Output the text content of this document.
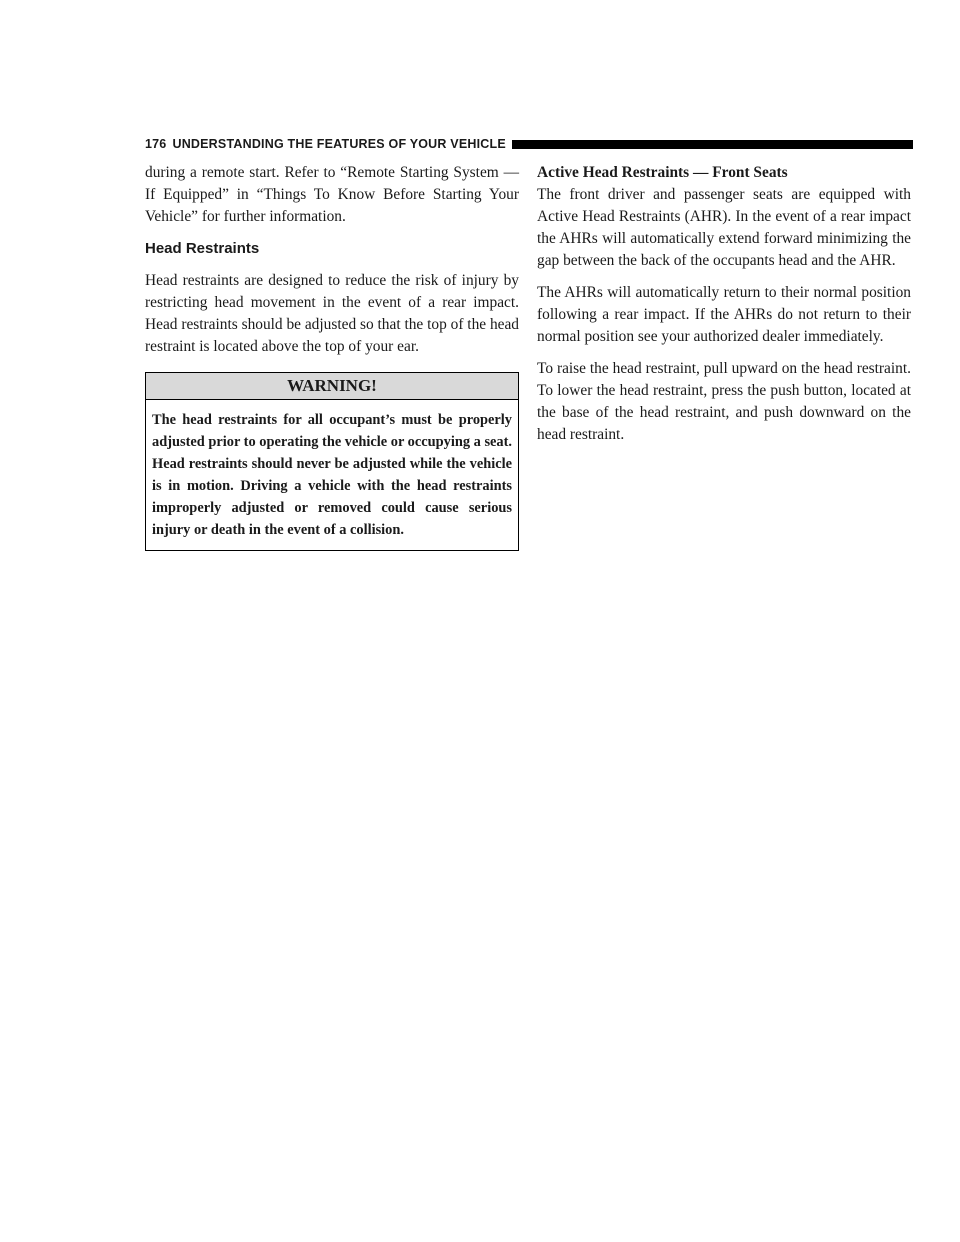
176 UNDERSTANDING THE FEATURES OF YOUR VEHICLE

during a remote start. Refer to “Remote Starting System — If Equipped” in “Things To Know Before Starting Your Vehicle” for further information.

Head Restraints

Head restraints are designed to reduce the risk of injury by restricting head movement in the event of a rear impact. Head restraints should be adjusted so that the top of the head restraint is located above the top of your ear.

WARNING!
The head restraints for all occupant’s must be properly adjusted prior to operating the vehicle or occupying a seat. Head restraints should never be adjusted while the vehicle is in motion. Driving a vehicle with the head restraints improperly adjusted or removed could cause serious injury or death in the event of a collision.
Active Head Restraints — Front Seats

The front driver and passenger seats are equipped with Active Head Restraints (AHR). In the event of a rear impact the AHRs will automatically extend forward minimizing the gap between the back of the occupants head and the AHR.

The AHRs will automatically return to their normal position following a rear impact. If the AHRs do not return to their normal position see your authorized dealer immediately.

To raise the head restraint, pull upward on the head restraint. To lower the head restraint, press the push button, located at the base of the head restraint, and push downward on the head restraint.
